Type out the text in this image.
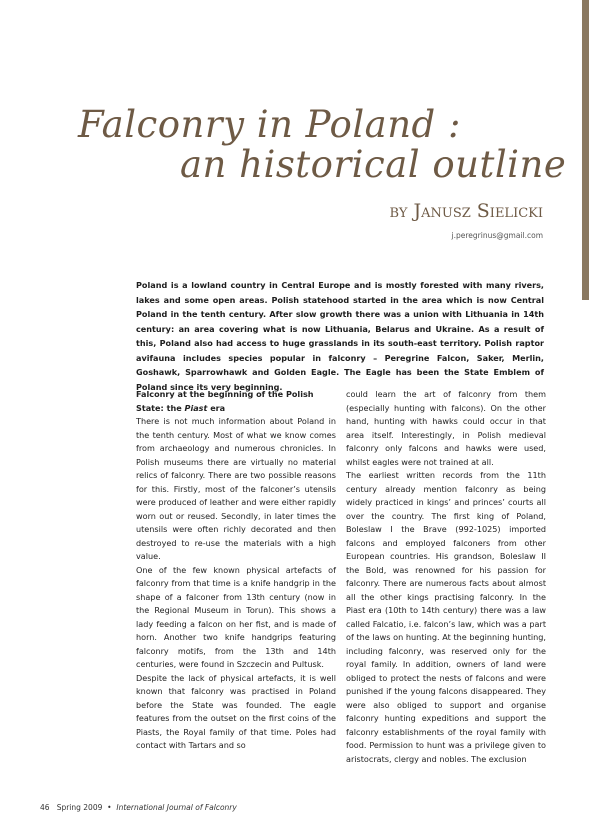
Falconry in Poland :
an historical outline

by Janusz Sielicki

j.peregrinus@gmail.com

Poland is a lowland country in Central Europe and is mostly forested with many rivers, lakes and some open areas. Polish statehood started in the area which is now Central Poland in the tenth century. After slow growth there was a union with Lithuania in 14th century: an area covering what is now Lithuania, Belarus and Ukraine. As a result of this, Poland also had access to huge grasslands in its south-east territory. Polish raptor avifauna includes species popular in falconry – Peregrine Falcon, Saker, Merlin, Goshawk, Sparrowhawk and Golden Eagle. The Eagle has been the State Emblem of Poland since its very beginning.

Falconry at the beginning of the Polish State: the Piast era

There is not much information about Poland in the tenth century. Most of what we know comes from archaeology and numerous chronicles. In Polish museums there are virtually no material relics of falconry. There are two possible reasons for this. Firstly, most of the falconer’s utensils were produced of leather and were either rapidly worn out or reused. Secondly, in later times the utensils were often richly decorated and then destroyed to re-use the materials with a high value.

One of the few known physical artefacts of falconry from that time is a knife handgrip in the shape of a falconer from 13th century (now in the Regional Museum in Torun). This shows a lady feeding a falcon on her fist, and is made of horn. Another two knife handgrips featuring falconry motifs, from the 13th and 14th centuries, were found in Szczecin and Pultusk.

Despite the lack of physical artefacts, it is well known that falconry was practised in Poland before the State was founded. The eagle features from the outset on the first coins of the Piasts, the Royal family of that time. Poles had contact with Tartars and so

could learn the art of falconry from them (especially hunting with falcons). On the other hand, hunting with hawks could occur in that area itself. Interestingly, in Polish medieval falconry only falcons and hawks were used, whilst eagles were not trained at all.

The earliest written records from the 11th century already mention falconry as being widely practiced in kings’ and princes’ courts all over the country. The first king of Poland, Boleslaw I the Brave (992-1025) imported falcons and employed falconers from other European countries. His grandson, Boleslaw II the Bold, was renowned for his passion for falconry. There are numerous facts about almost all the other kings practising falconry. In the Piast era (10th to 14th century) there was a law called Falcatio, i.e. falcon’s law, which was a part of the laws on hunting. At the beginning hunting, including falconry, was reserved only for the royal family. In addition, owners of land were obliged to protect the nests of falcons and were punished if the young falcons disappeared. They were also obliged to support and organise falconry hunting expeditions and support the falconry establishments of the royal family with food. Permission to hunt was a privilege given to aristocrats, clergy and nobles. The exclusion

46 Spring 2009 • International Journal of Falconry
